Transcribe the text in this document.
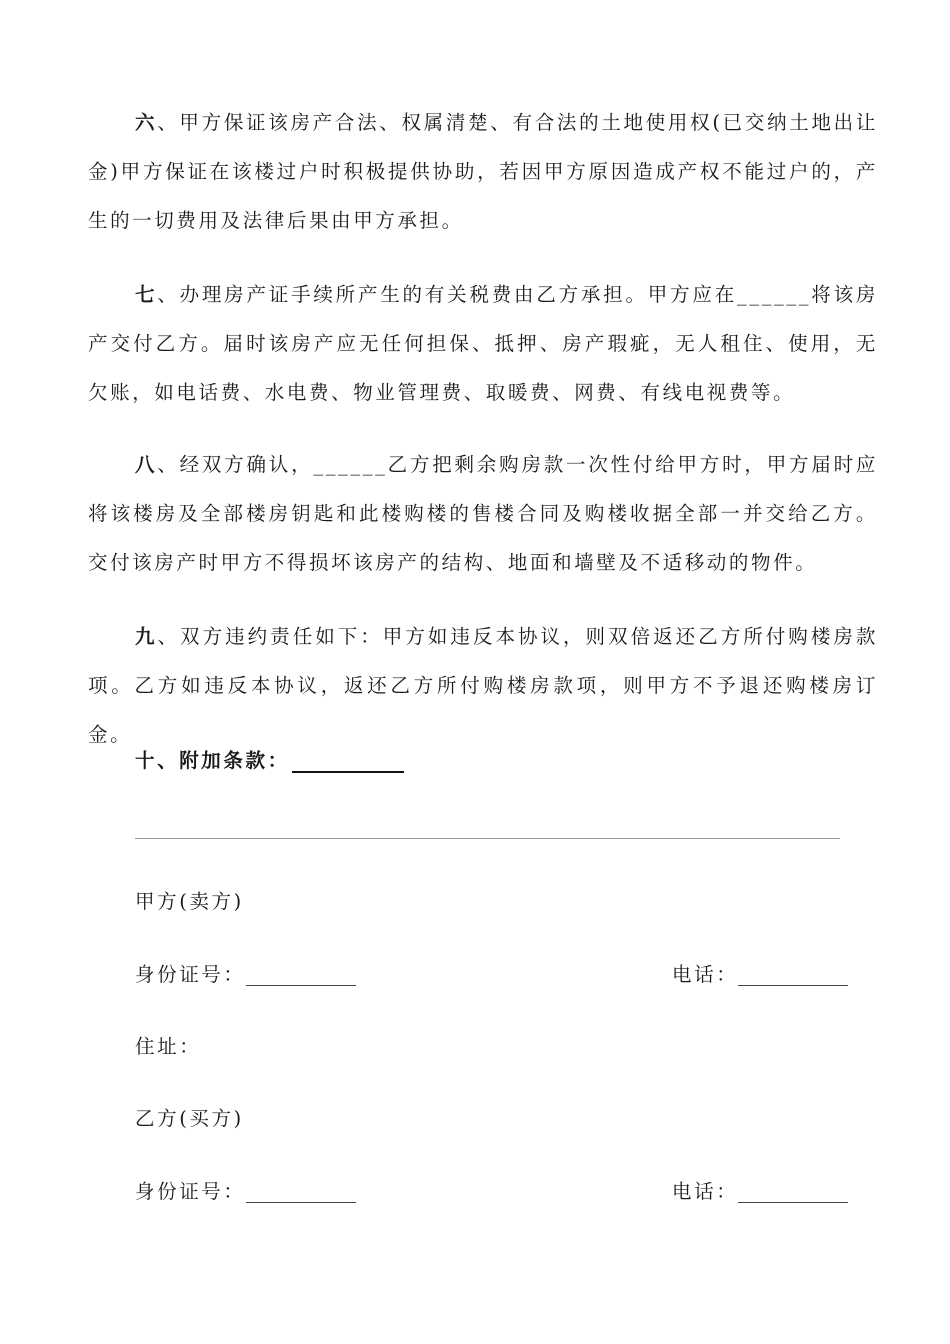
六、甲方保证该房产合法、权属清楚、有合法的土地使用权(已交纳土地出让金)甲方保证在该楼过户时积极提供协助，若因甲方原因造成产权不能过户的，产生的一切费用及法律后果由甲方承担。

七、办理房产证手续所产生的有关税费由乙方承担。甲方应在______将该房产交付乙方。届时该房产应无任何担保、抵押、房产瑕疵，无人租住、使用，无欠账，如电话费、水电费、物业管理费、取暖费、网费、有线电视费等。

八、经双方确认，______乙方把剩余购房款一次性付给甲方时，甲方届时应将该楼房及全部楼房钥匙和此楼购楼的售楼合同及购楼收据全部一并交给乙方。交付该房产时甲方不得损坏该房产的结构、地面和墙壁及不适移动的物件。

九、双方违约责任如下：甲方如违反本协议，则双倍返还乙方所付购楼房款项。乙方如违反本协议，返还乙方所付购楼房款项，则甲方不予退还购楼房订金。

十、附加条款：
甲方(卖方)
身份证号：	电话：
住址：
乙方(买方)
身份证号：	电话：
